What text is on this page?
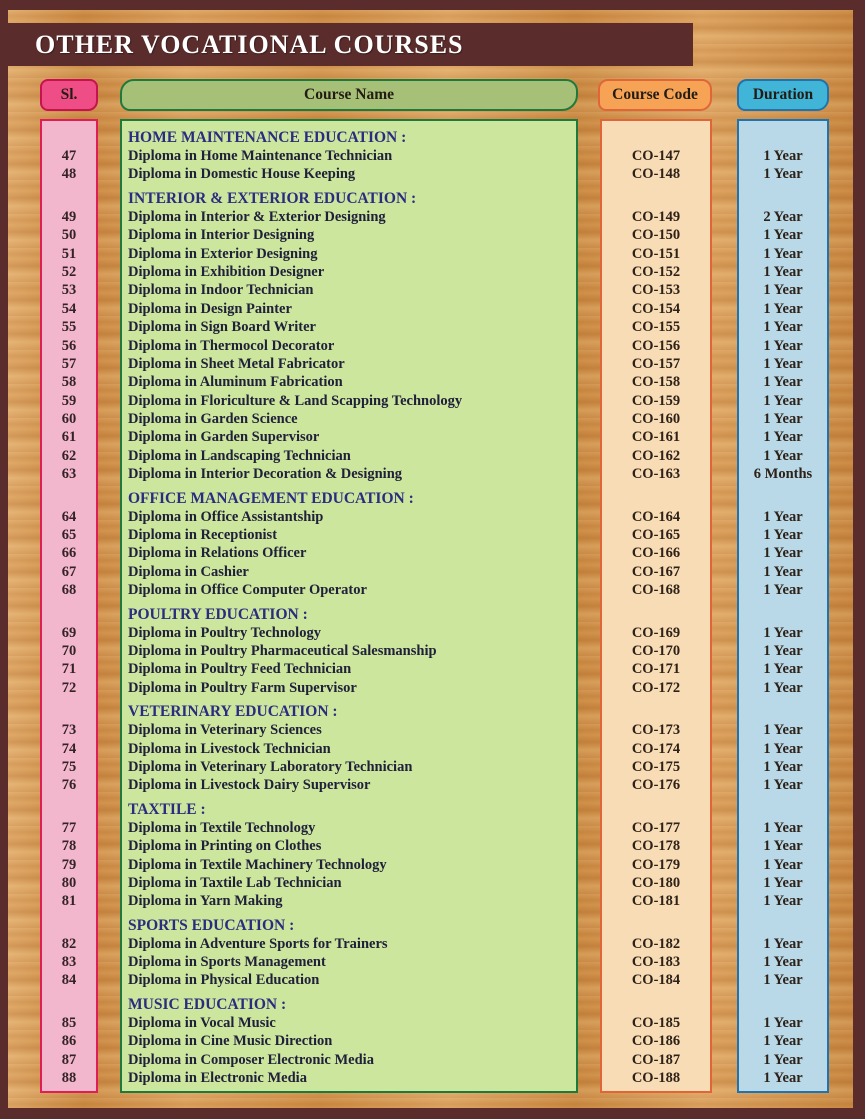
OTHER VOCATIONAL COURSES
Sl.	Course Name	Course Code	Duration
HOME MAINTENANCE EDUCATION :
47	Diploma in Home Maintenance Technician	CO-147	1 Year
48	Diploma in Domestic House Keeping	CO-148	1 Year
INTERIOR & EXTERIOR EDUCATION :
49	Diploma in Interior & Exterior Designing	CO-149	2 Year
50	Diploma in Interior Designing	CO-150	1 Year
51	Diploma in Exterior Designing	CO-151	1 Year
52	Diploma in Exhibition Designer	CO-152	1 Year
53	Diploma in Indoor Technician	CO-153	1 Year
54	Diploma in Design Painter	CO-154	1 Year
55	Diploma in Sign Board Writer	CO-155	1 Year
56	Diploma in Thermocol Decorator	CO-156	1 Year
57	Diploma in Sheet Metal Fabricator	CO-157	1 Year
58	Diploma in Aluminum Fabrication	CO-158	1 Year
59	Diploma in Floriculture & Land Scapping Technology	CO-159	1 Year
60	Diploma in Garden Science	CO-160	1 Year
61	Diploma in Garden Supervisor	CO-161	1 Year
62	Diploma in Landscaping Technician	CO-162	1 Year
63	Diploma in Interior Decoration & Designing	CO-163	6 Months
OFFICE MANAGEMENT EDUCATION :
64	Diploma in Office Assistantship	CO-164	1 Year
65	Diploma in Receptionist	CO-165	1 Year
66	Diploma in Relations Officer	CO-166	1 Year
67	Diploma in Cashier	CO-167	1 Year
68	Diploma in Office Computer Operator	CO-168	1 Year
POULTRY EDUCATION :
69	Diploma in Poultry Technology	CO-169	1 Year
70	Diploma in Poultry Pharmaceutical Salesmanship	CO-170	1 Year
71	Diploma in Poultry Feed Technician	CO-171	1 Year
72	Diploma in Poultry Farm Supervisor	CO-172	1 Year
VETERINARY EDUCATION :
73	Diploma in Veterinary Sciences	CO-173	1 Year
74	Diploma in Livestock Technician	CO-174	1 Year
75	Diploma in Veterinary Laboratory Technician	CO-175	1 Year
76	Diploma in Livestock Dairy Supervisor	CO-176	1 Year
TAXTILE :
77	Diploma in Textile Technology	CO-177	1 Year
78	Diploma in Printing on Clothes	CO-178	1 Year
79	Diploma in Textile Machinery Technology	CO-179	1 Year
80	Diploma in Taxtile Lab Technician	CO-180	1 Year
81	Diploma in Yarn Making	CO-181	1 Year
SPORTS EDUCATION :
82	Diploma in Adventure Sports for Trainers	CO-182	1 Year
83	Diploma in Sports Management	CO-183	1 Year
84	Diploma in Physical Education	CO-184	1 Year
MUSIC EDUCATION :
85	Diploma in Vocal Music	CO-185	1 Year
86	Diploma in Cine Music Direction	CO-186	1 Year
87	Diploma in Composer Electronic Media	CO-187	1 Year
88	Diploma in Electronic Media	CO-188	1 Year
